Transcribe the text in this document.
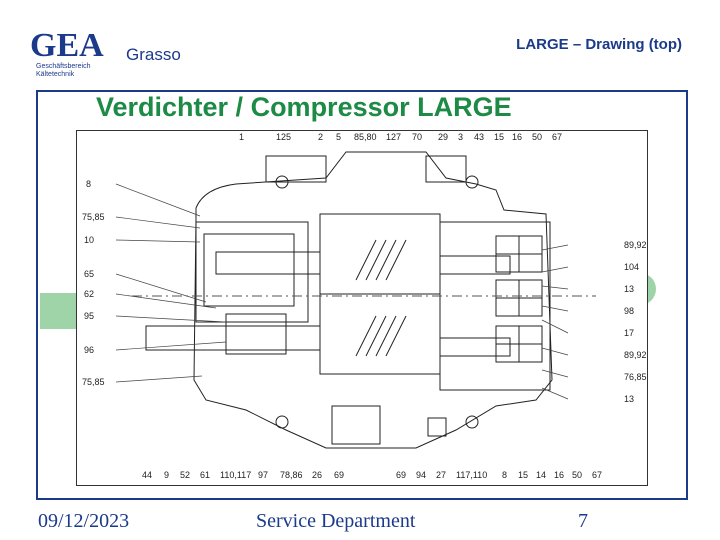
GEA
Geschäftsbereich
Kältetechnik
Grasso
LARGE – Drawing (top)
Verdichter / Compressor LARGE
1	125	2 5 85,80 127 70 29 3 43 15 16 50 67
8
75,85
10
65
62
95
96
75,85
89,92
104
13
98
17
89,92
76,85
13
44 9 52 61 110,117 97 78,86 26 69	69 94 27 117,110 8 15 14 16 50 67
09/12/2023	Service Department	7
